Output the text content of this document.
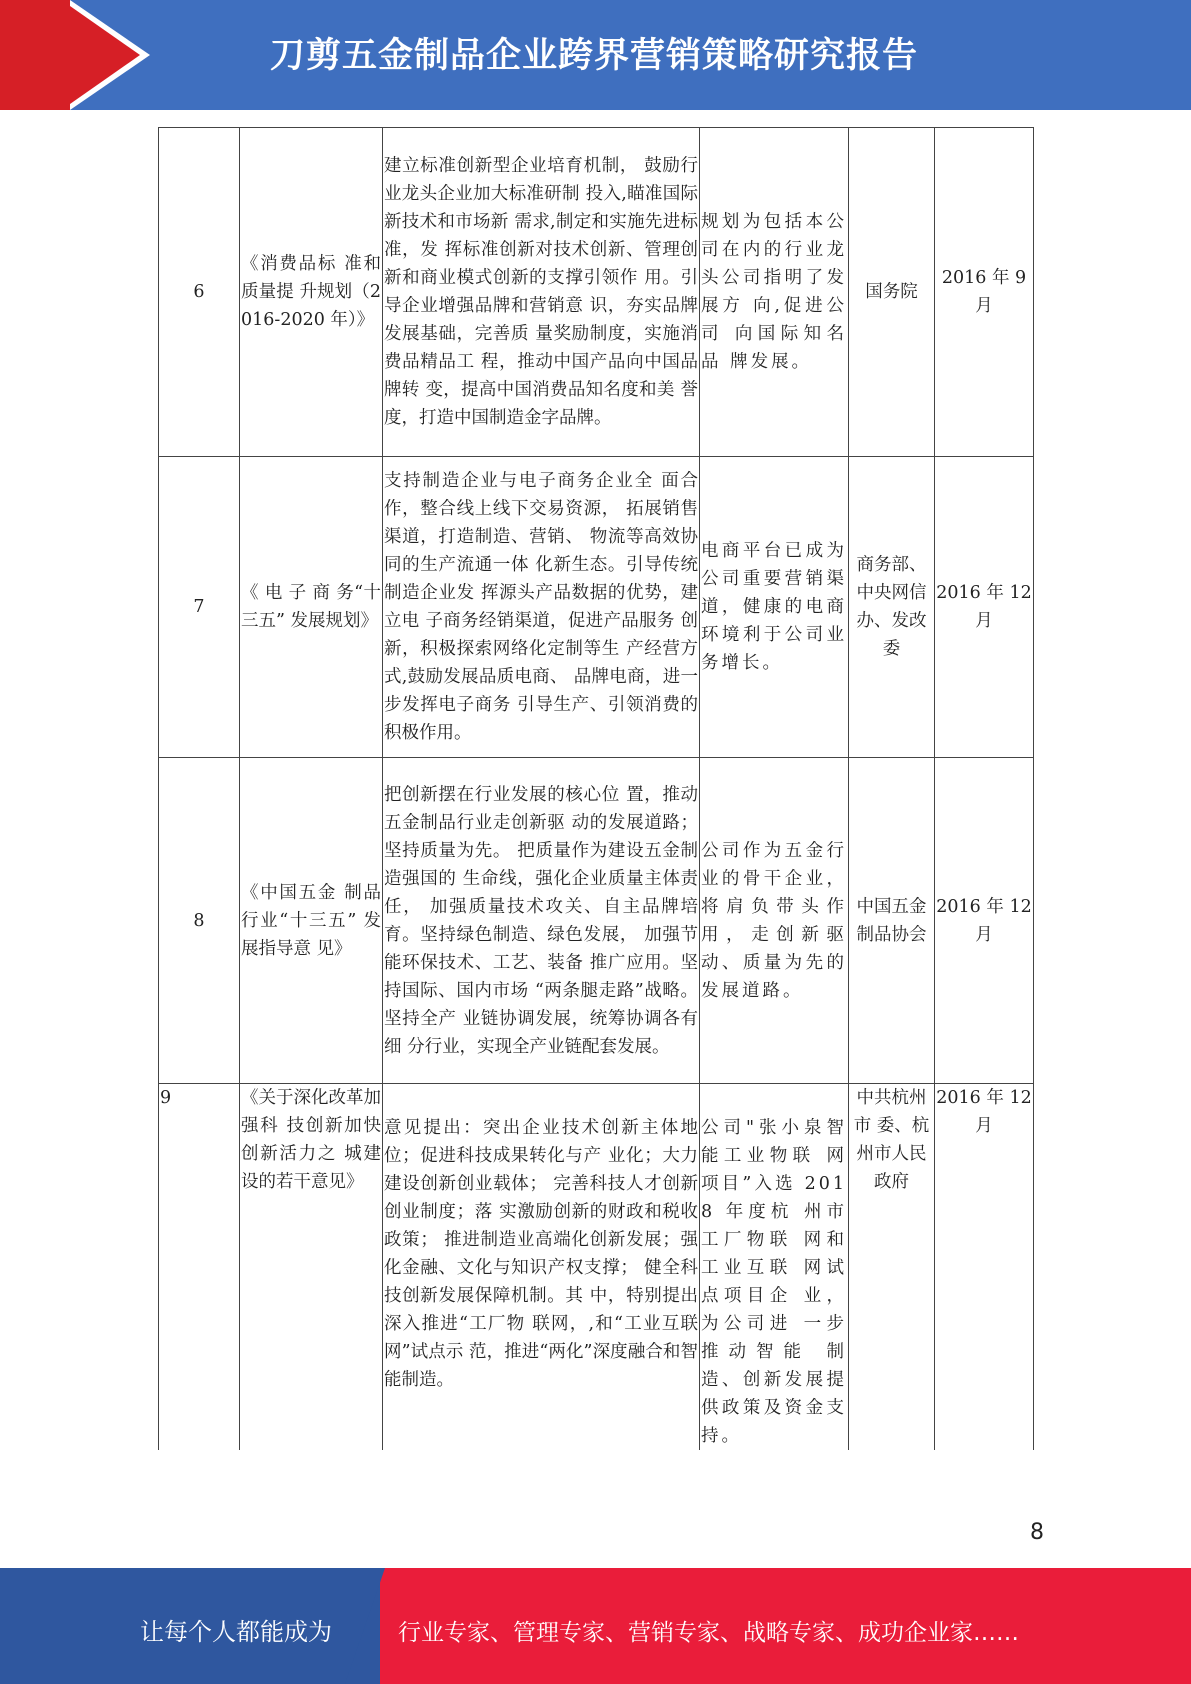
刀剪五金制品企业跨界营销策略研究报告
6	《消费品标 准和质量提 升规划（2016-2020 年）》	建立标准创新型企业培育机制， 鼓励行业龙头企业加大标准研制 投入,瞄准国际新技术和市场新 需求,制定和实施先进标准，发 挥标准创新对技术创新、管理创 新和商业模式创新的支撑引领作 用。引导企业增强品牌和营销意 识，夯实品牌发展基础，完善质 量奖励制度，实施消费品精品工 程，推动中国产品向中国品牌转 变，提高中国消费品知名度和美 誉度，打造中国制造金字品牌。	规划为包括本公司在内的行业龙头公司指明了发展方 向,促进公司 向国际知名品 牌发展。	国务院	2016 年 9 月
7	《 电 子 商 务“十三五” 发展规划》	支持制造企业与电子商务企业全 面合作，整合线上线下交易资源， 拓展销售渠道，打造制造、营销、 物流等高效协同的生产流通一体 化新生态。引导传统制造企业发 挥源头产品数据的优势，建立电 子商务经销渠道，促进产品服务 创新，积极探索网络化定制等生 产经营方式,鼓励发展品质电商、 品牌电商，进一步发挥电子商务 引导生产、引领消费的积极作用。	电商平台已成为公司重要营销渠道，健康的电商环境利于公司业务增长。	商务部、中央网信办、发改委	2016 年 12 月
8	《中国五金 制品行业“十三五” 发展指导意 见》	把创新摆在行业发展的核心位 置，推动五金制品行业走创新驱 动的发展道路；坚持质量为先。 把质量作为建设五金制造强国的 生命线，强化企业质量主体责任， 加强质量技术攻关、自主品牌培 育。坚持绿色制造、绿色发展， 加强节能环保技术、工艺、装备 推广应用。坚持国际、国内市场 “两条腿走路”战略。坚持全产 业链协调发展，统筹协调各有细 分行业，实现全产业链配套发展。	公司作为五金行业的骨干企业，将肩负带头作用，走创新驱动、质量为先的发展道路。	中国五金制品协会	2016 年 12 月
9	《关于深化改革加强科 技创新加快 创新活力之 城建设的若干意见》	意见提出：突出企业技术创新主体地位；促进科技成果转化与产 业化；大力建设创新创业载体； 完善科技人才创新创业制度；落 实激励创新的财政和税收政策； 推进制造业高端化创新发展；强 化金融、文化与知识产权支撑； 健全科技创新发展保障机制。其 中，特别提出深入推进“工厂物 联网，,和“工业互联网”试点示 范，推进“两化”深度融合和智 能制造。	公司"张小泉智能工业物联 网项目”入选 2018 年度杭 州市工厂物联 网和工业互联 网试点项目企 业，为公司进 一步推动智能 制造、创新发展提供政策及资金支持。	中共杭州市 委、杭州市人民政府	2016 年 12 月
8
让每个人都能成为	行业专家、管理专家、营销专家、战略专家、成功企业家……
